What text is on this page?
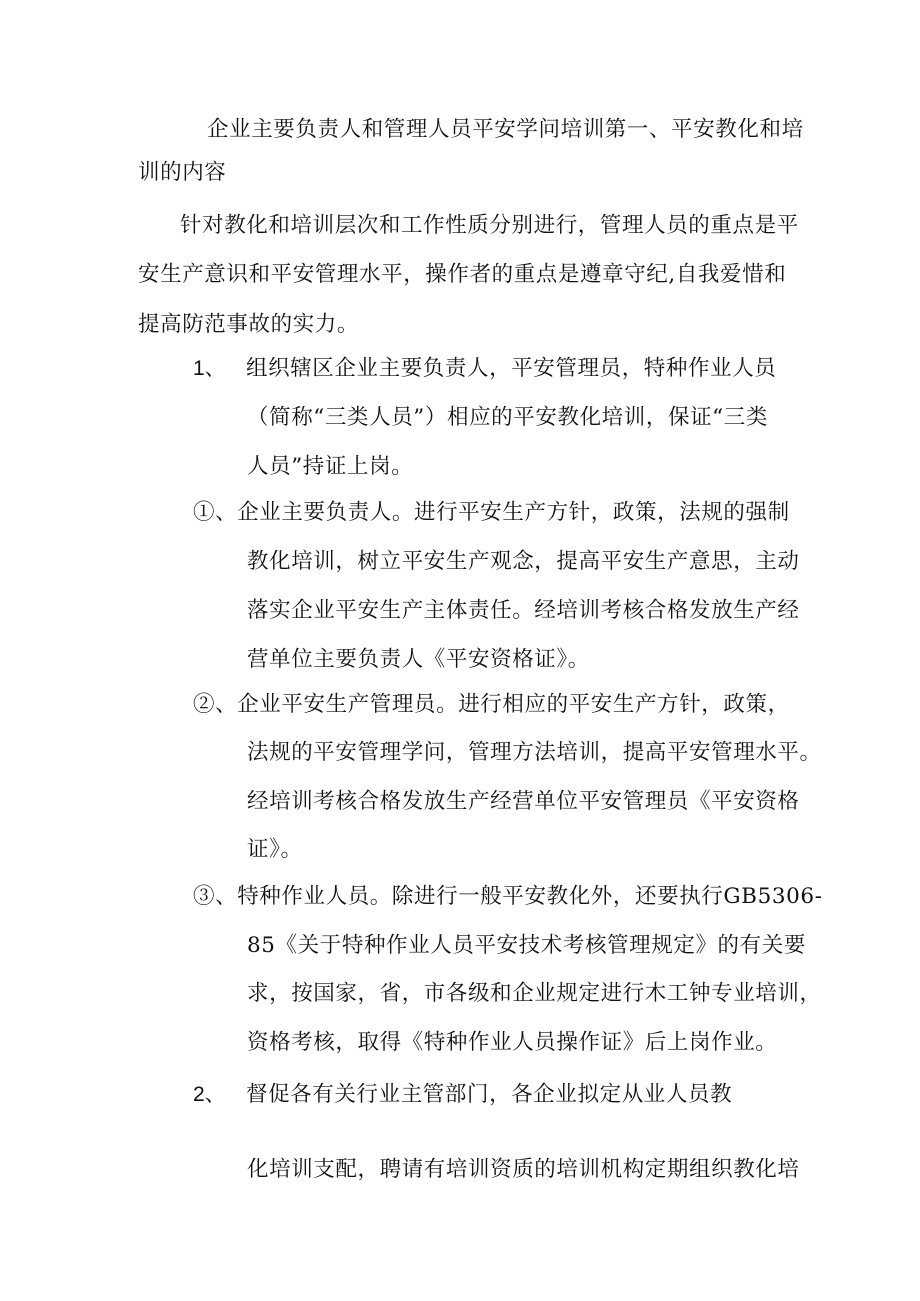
企业主要负责人和管理人员平安学问培训第一、平安教化和培
训的内容
针对教化和培训层次和工作性质分别进行，管理人员的重点是平
安生产意识和平安管理水平，操作者的重点是遵章守纪,自我爱惜和
提高防范事故的实力。
1、 组织辖区企业主要负责人，平安管理员，特种作业人员
（简称“三类人员”）相应的平安教化培训，保证“三类
人员”持证上岗。
①、企业主要负责人。进行平安生产方针，政策，法规的强制
教化培训，树立平安生产观念，提高平安生产意思，主动
落实企业平安生产主体责任。经培训考核合格发放生产经
营单位主要负责人《平安资格证》。
②、企业平安生产管理员。进行相应的平安生产方针，政策，
法规的平安管理学问，管理方法培训，提高平安管理水平。
经培训考核合格发放生产经营单位平安管理员《平安资格
证》。
③、特种作业人员。除进行一般平安教化外，还要执行GB5306-
85《关于特种作业人员平安技术考核管理规定》的有关要
求，按国家，省，市各级和企业规定进行木工钟专业培训，
资格考核，取得《特种作业人员操作证》后上岗作业。
2、 督促各有关行业主管部门，各企业拟定从业人员教
化培训支配，聘请有培训资质的培训机构定期组织教化培
